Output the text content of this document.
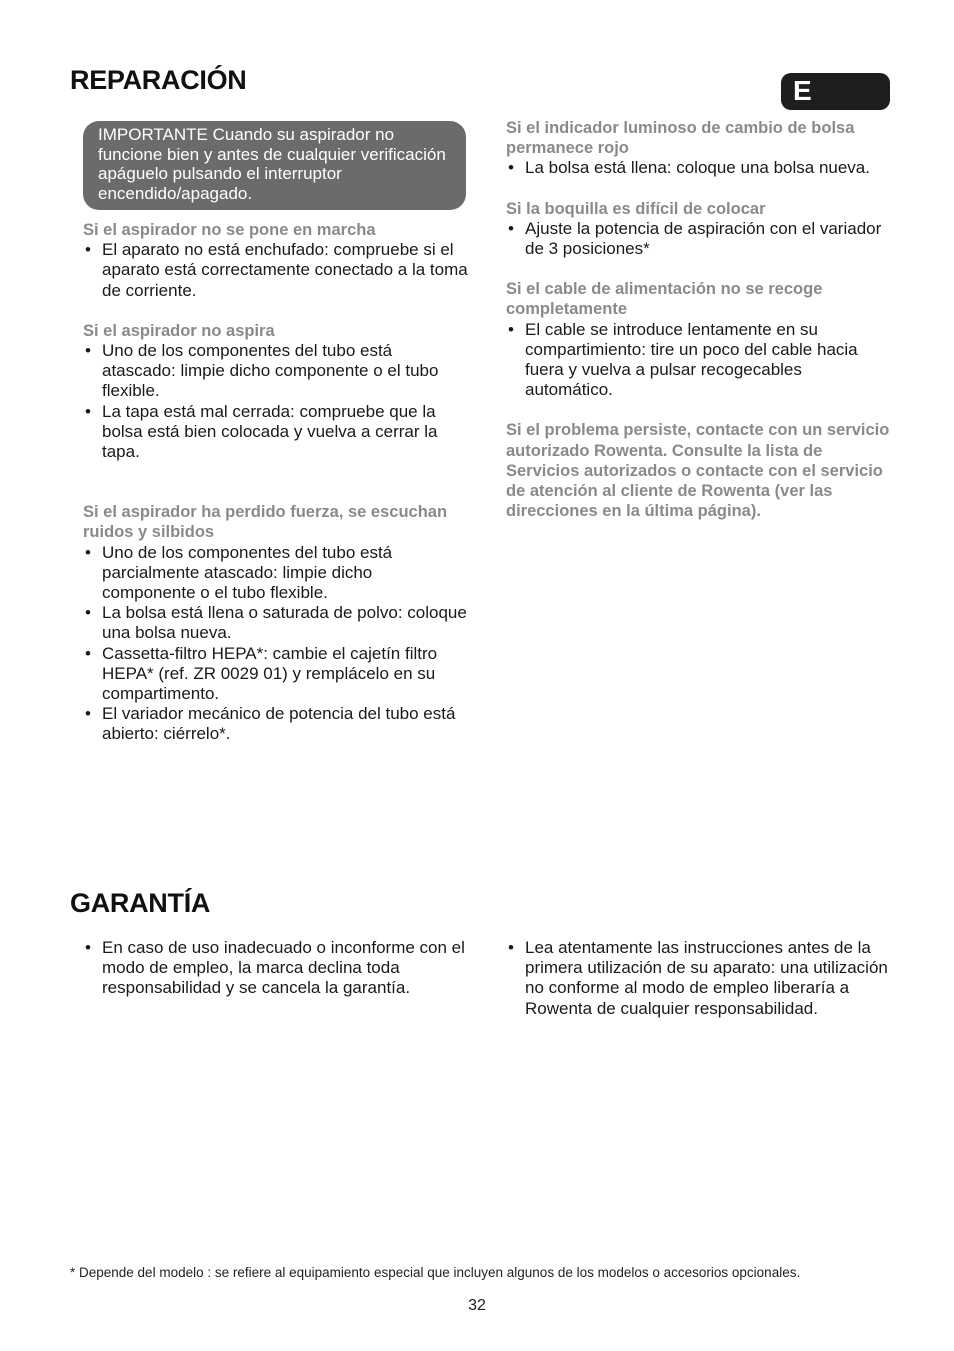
REPARACIÓN	E
IMPORTANTE Cuando su aspirador no funcione bien y antes de cualquier verificación apáguelo pulsando el interruptor encendido/apagado.

Si el aspirador no se pone en marcha

• El aparato no está enchufado: compruebe si el aparato está correctamente conectado a la toma de corriente.

Si el aspirador no aspira

• Uno de los componentes del tubo está atascado: limpie dicho componente o el tubo flexible.
• La tapa está mal cerrada: compruebe que la bolsa está bien colocada y vuelva a cerrar la tapa.

Si el aspirador ha perdido fuerza, se escuchan ruidos y silbidos

• Uno de los componentes del tubo está parcialmente atascado: limpie dicho componente o el tubo flexible.
• La bolsa está llena o saturada de polvo: coloque una bolsa nueva.
• Cassetta-filtro HEPA*: cambie el cajetín filtro HEPA* (ref. ZR 0029 01) y remplácelo en su compartimento.
• El variador mecánico de potencia del tubo está abierto: ciérrelo*.

Si el indicador luminoso de cambio de bolsa permanece rojo

• La bolsa está llena: coloque una bolsa nueva.

Si la boquilla es difícil de colocar

• Ajuste la potencia de aspiración con el variador de 3 posiciones*

Si el cable de alimentación no se recoge completamente

• El cable se introduce lentamente en su compartimiento: tire un poco del cable hacia fuera y vuelva a pulsar recogecables automático.

Si el problema persiste, contacte con un servicio autorizado Rowenta. Consulte la lista de Servicios autorizados o contacte con el servicio de atención al cliente de Rowenta (ver las direcciones en la última página).

GARANTÍA
• En caso de uso inadecuado o inconforme con el modo de empleo, la marca declina toda responsabilidad y se cancela la garantía.
• Lea atentamente las instrucciones antes de la primera utilización de su aparato: una utilización no conforme al modo de empleo liberaría a Rowenta de cualquier responsabilidad.
* Depende del modelo : se refiere al equipamiento especial que incluyen algunos de los modelos o accesorios opcionales.
32
